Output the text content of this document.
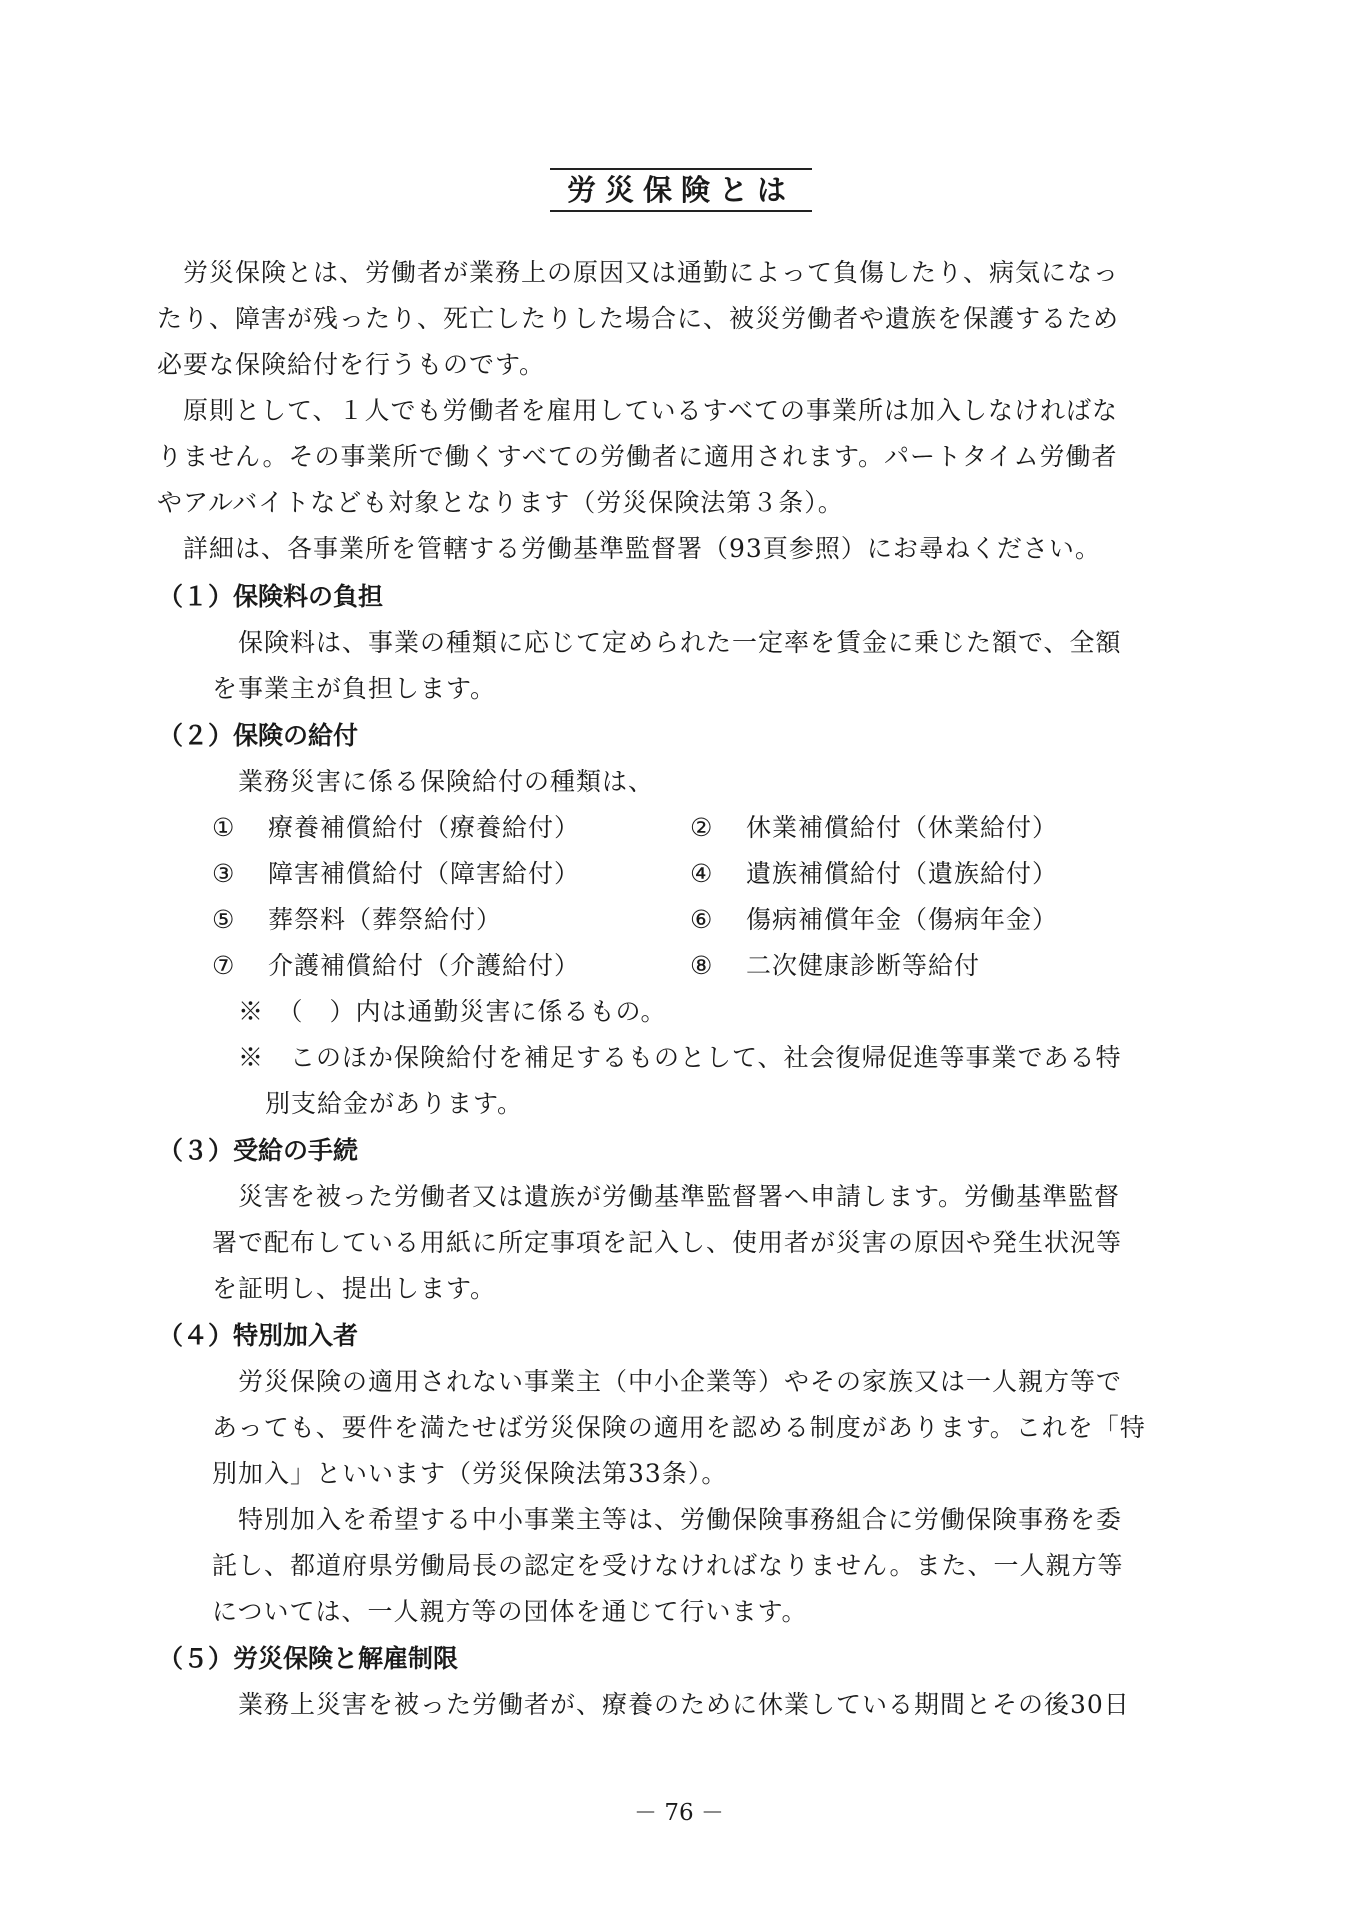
労災保険とは
労災保険とは、労働者が業務上の原因又は通勤によって負傷したり、病気になっ
たり、障害が残ったり、死亡したりした場合に、被災労働者や遺族を保護するため
必要な保険給付を行うものです。
原則として、１人でも労働者を雇用しているすべての事業所は加入しなければな
りません。その事業所で働くすべての労働者に適用されます。パートタイム労働者
やアルバイトなども対象となります（労災保険法第３条）。
詳細は、各事業所を管轄する労働基準監督署（93頁参照）にお尋ねください。
（１）保険料の負担
保険料は、事業の種類に応じて定められた一定率を賃金に乗じた額で、全額
を事業主が負担します。
（２）保険の給付
業務災害に係る保険給付の種類は、
① 療養補償給付（療養給付）	② 休業補償給付（休業給付）
③ 障害補償給付（障害給付）	④ 遺族補償給付（遺族給付）
⑤ 葬祭料（葬祭給付）	⑥ 傷病補償年金（傷病年金）
⑦ 介護補償給付（介護給付）	⑧ 二次健康診断等給付
※　（　）内は通勤災害に係るもの。
※　このほか保険給付を補足するものとして、社会復帰促進等事業である特
別支給金があります。
（３）受給の手続
災害を被った労働者又は遺族が労働基準監督署へ申請します。労働基準監督
署で配布している用紙に所定事項を記入し、使用者が災害の原因や発生状況等
を証明し、提出します。
（４）特別加入者
労災保険の適用されない事業主（中小企業等）やその家族又は一人親方等で
あっても、要件を満たせば労災保険の適用を認める制度があります。これを「特
別加入」といいます（労災保険法第33条）。
特別加入を希望する中小事業主等は、労働保険事務組合に労働保険事務を委
託し、都道府県労働局長の認定を受けなければなりません。また、一人親方等
については、一人親方等の団体を通じて行います。
（５）労災保険と解雇制限
業務上災害を被った労働者が、療養のために休業している期間とその後30日
－ 76 －
